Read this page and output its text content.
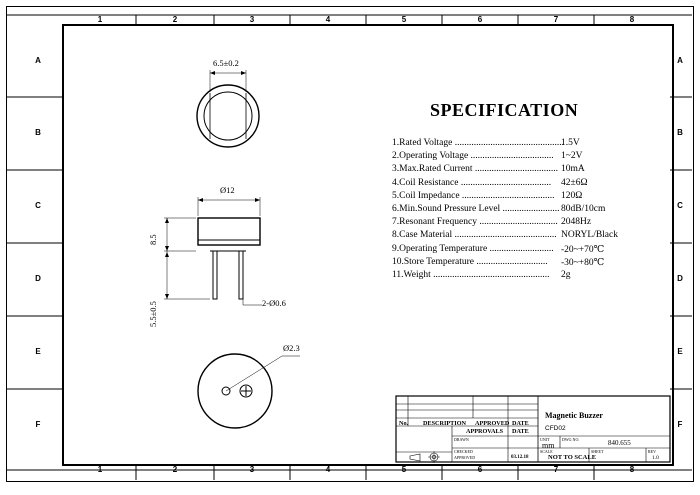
1	2	3	4	5	6	7	8
1	2	3	4	5	6	7	8
A
B
C
D
E
F
A
B
C
D
E
F
6.5±0.2
Ø12
8.5
5.5±0.5	2-Ø0.6
Ø2.3
SPECIFICATION
1.Rated Voltage ..............................................
1.5V
2.Operating Voltage ................................... 1~2V
3.Max.Rated Current ................................... 10mA
4.Coil Resistance ...................................... 42±6Ω
5.Coil Impedance ....................................... 120Ω
6.Min.Sound Pressure Level ........................ 80dB/10cm
7.Resonant Frequency ................................. 2048Hz
8.Case Material ........................................... NORYL/Black
9.Operating Temperature ........................... -20~+70℃
10.Store Temperature .............................. -30~+80℃
11.Weight ................................................. 2g
No. DESCRIPTION APPROVED DATE
APPROVALS DATE
DRAWN
CHECKED
APPROVED
Magnetic Buzzer
CFD02
UNIT
mm
DWG NO.	840.655
03.12.18
SCALE
NOT TO SCALE
SHEET	REV
1.0
